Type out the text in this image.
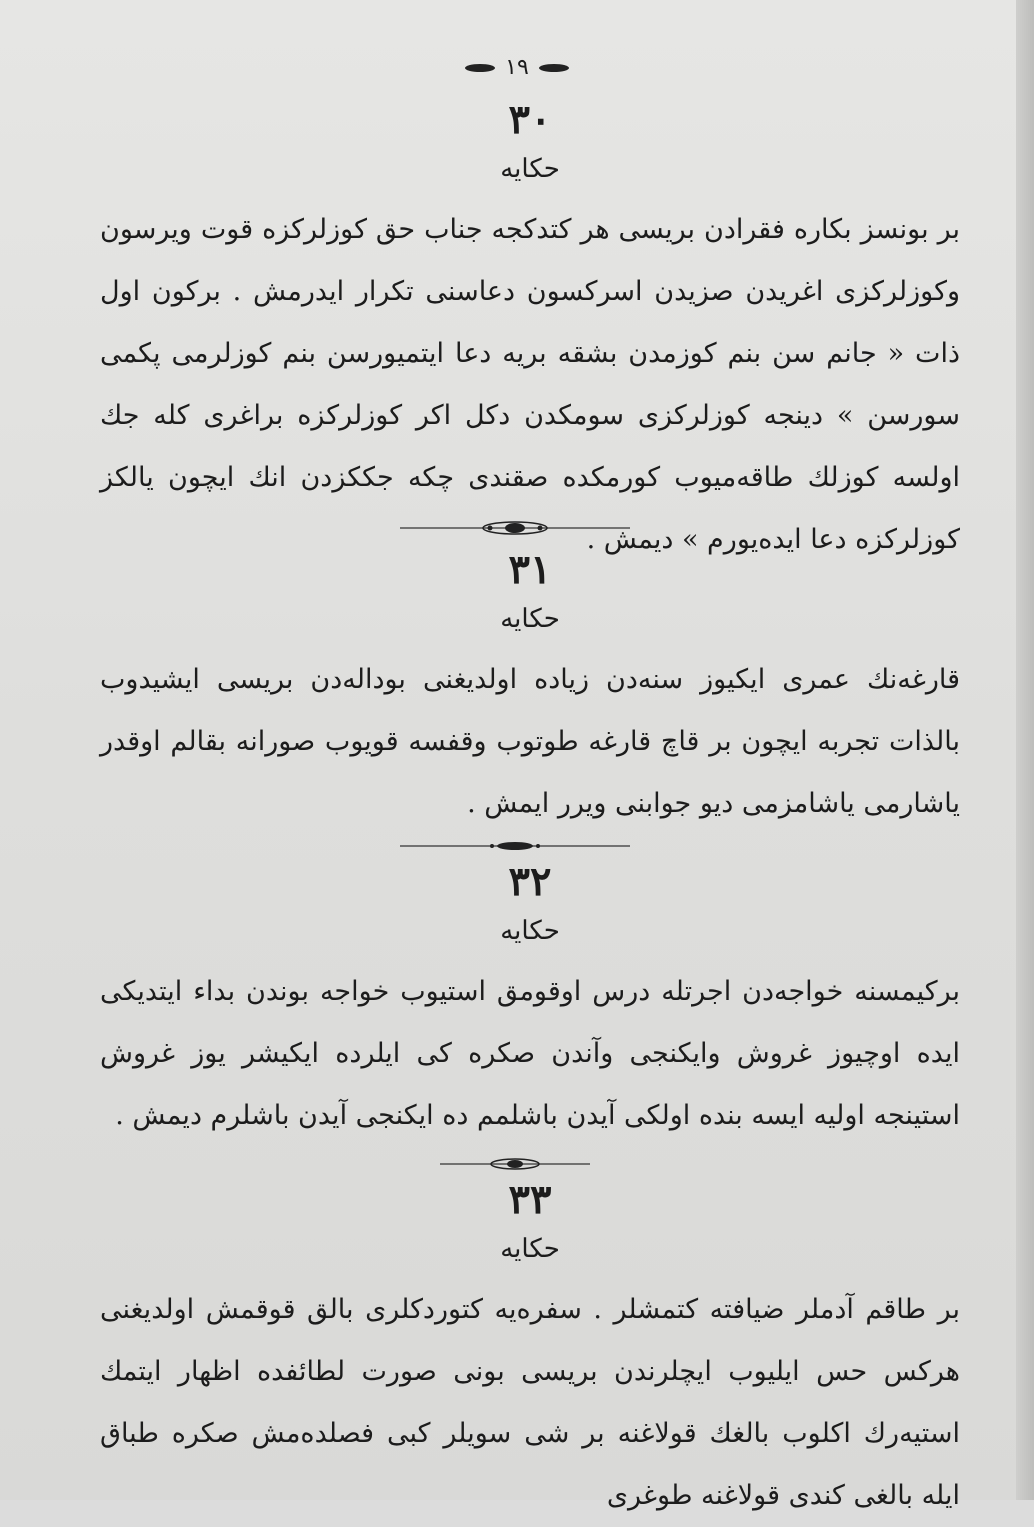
١٩
٣٠
حکایه
بر بونسز بکاره فقرادن بریسی هر کتدکجه جناب حق کوزلرکزه قوت ویرسون وکوزلرکزی اغریدن صزیدن اسرکسون دعاسنی تکرار ایدرمش . برکون اول ذات « جانم سن بنم کوزمدن بشقه بریه دعا ایتمیورسن بنم کوزلرمی پکمی سورسن » دینجه کوزلرکزی سومکدن دکل اکر کوزلرکزه براغری کله جك اولسه کوزلك طاقه‌میوب کورمکده صقندی چکه جککزدن انك ایچون یالکز کوزلرکزه دعا ایده‌یورم » دیمش .
٣١
حکایه
قارغه‌نك عمری ایکیوز سنه‌دن زیاده اولدیغنی بوداله‌دن بریسی ایشیدوب بالذات تجربه ایچون بر قاچ قارغه طوتوب وقفسه قویوب صورانه بقالم اوقدر یاشارمی یاشامزمی دیو جوابنی ویرر ایمش .
٣٢
حکایه
برکیمسنه خواجه‌دن اجرتله درس اوقومق استیوب خواجه بوندن بداء ایتدیکی ایده اوچیوز غروش وایکنجی وآندن صکره کی ایلرده ایکیشر یوز غروش استینجه اولیه ایسه بنده اولکی آیدن باشلمم ده ایکنجی آیدن باشلرم دیمش .
٣٣
حکایه
بر طاقم آدملر ضیافته کتمشلر . سفره‌یه کتوردکلری بالق قوقمش اولدیغنی هرکس حس ایلیوب ایچلرندن بریسی بونی صورت لطائفده اظهار ایتمك استیه‌رك اکلوب بالغك قولاغنه بر شی سویلر کبی فصلده‌مش صکره طباق ایله بالغی کندی قولاغنه طوغری
